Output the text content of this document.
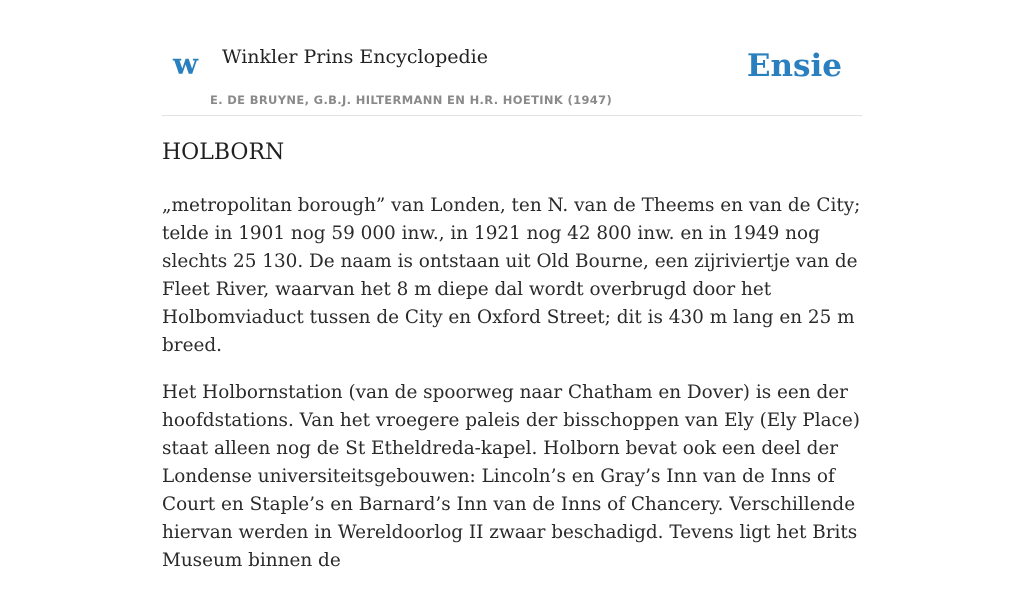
w Winkler Prins Encyclopedie
E. DE BRUYNE, G.B.J. HILTERMANN EN H.R. HOETINK (1947)
Ensie
HOLBORN

„metropolitan borough” van Londen, ten N. van de Theems en van de City; telde in 1901 nog 59 000 inw., in 1921 nog 42 800 inw. en in 1949 nog slechts 25 130. De naam is ontstaan uit Old Bourne, een zijriviertje van de Fleet River, waarvan het 8 m diepe dal wordt overbrugd door het Holbomviaduct tussen de City en Oxford Street; dit is 430 m lang en 25 m breed.

Het Holbornstation (van de spoorweg naar Chatham en Dover) is een der hoofdstations. Van het vroegere paleis der bisschoppen van Ely (Ely Place) staat alleen nog de St Etheldreda-kapel. Holborn bevat ook een deel der Londense universiteitsgebouwen: Lincoln’s en Gray’s Inn van de Inns of Court en Staple’s en Barnard’s Inn van de Inns of Chancery. Verschillende hiervan werden in Wereldoorlog II zwaar beschadigd. Tevens ligt het Brits Museum binnen de
